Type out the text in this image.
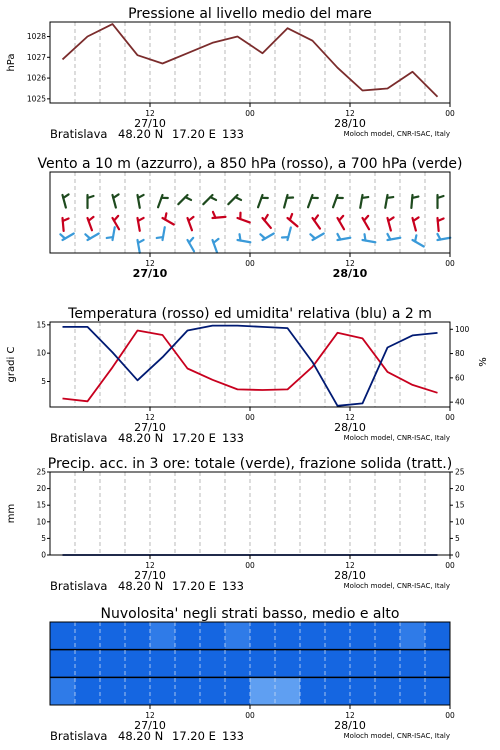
Pressione al livello medio del mare
1025
1026
1027
1028
hPa
12	00	12	00
27/10	28/10
Bratislava 48.20 N 17.20 E 133	Moloch model, CNR-ISAC, Italy
Vento a 10 m (azzurro), a 850 hPa (rosso), a 700 hPa (verde)
12	00	12	00
27/10	28/10
Temperatura (rosso) ed umidita' relativa (blu) a 2 m
5
10
15
40
60
80
100
gradi C	%
12	00	12	00
27/10	28/10
Bratislava 48.20 N 17.20 E 133	Moloch model, CNR-ISAC, Italy
Precip. acc. in 3 ore: totale (verde), frazione solida (tratt.)
0
5
10
15
20
25
0
5
10
15
20
25
mm
12	00	12	00
27/10	28/10
Bratislava 48.20 N 17.20 E 133	Moloch model, CNR-ISAC, Italy
Nuvolosita' negli strati basso, medio e alto
12	00	12	00
27/10	28/10
Bratislava 48.20 N 17.20 E 133	Moloch model, CNR-ISAC, Italy
